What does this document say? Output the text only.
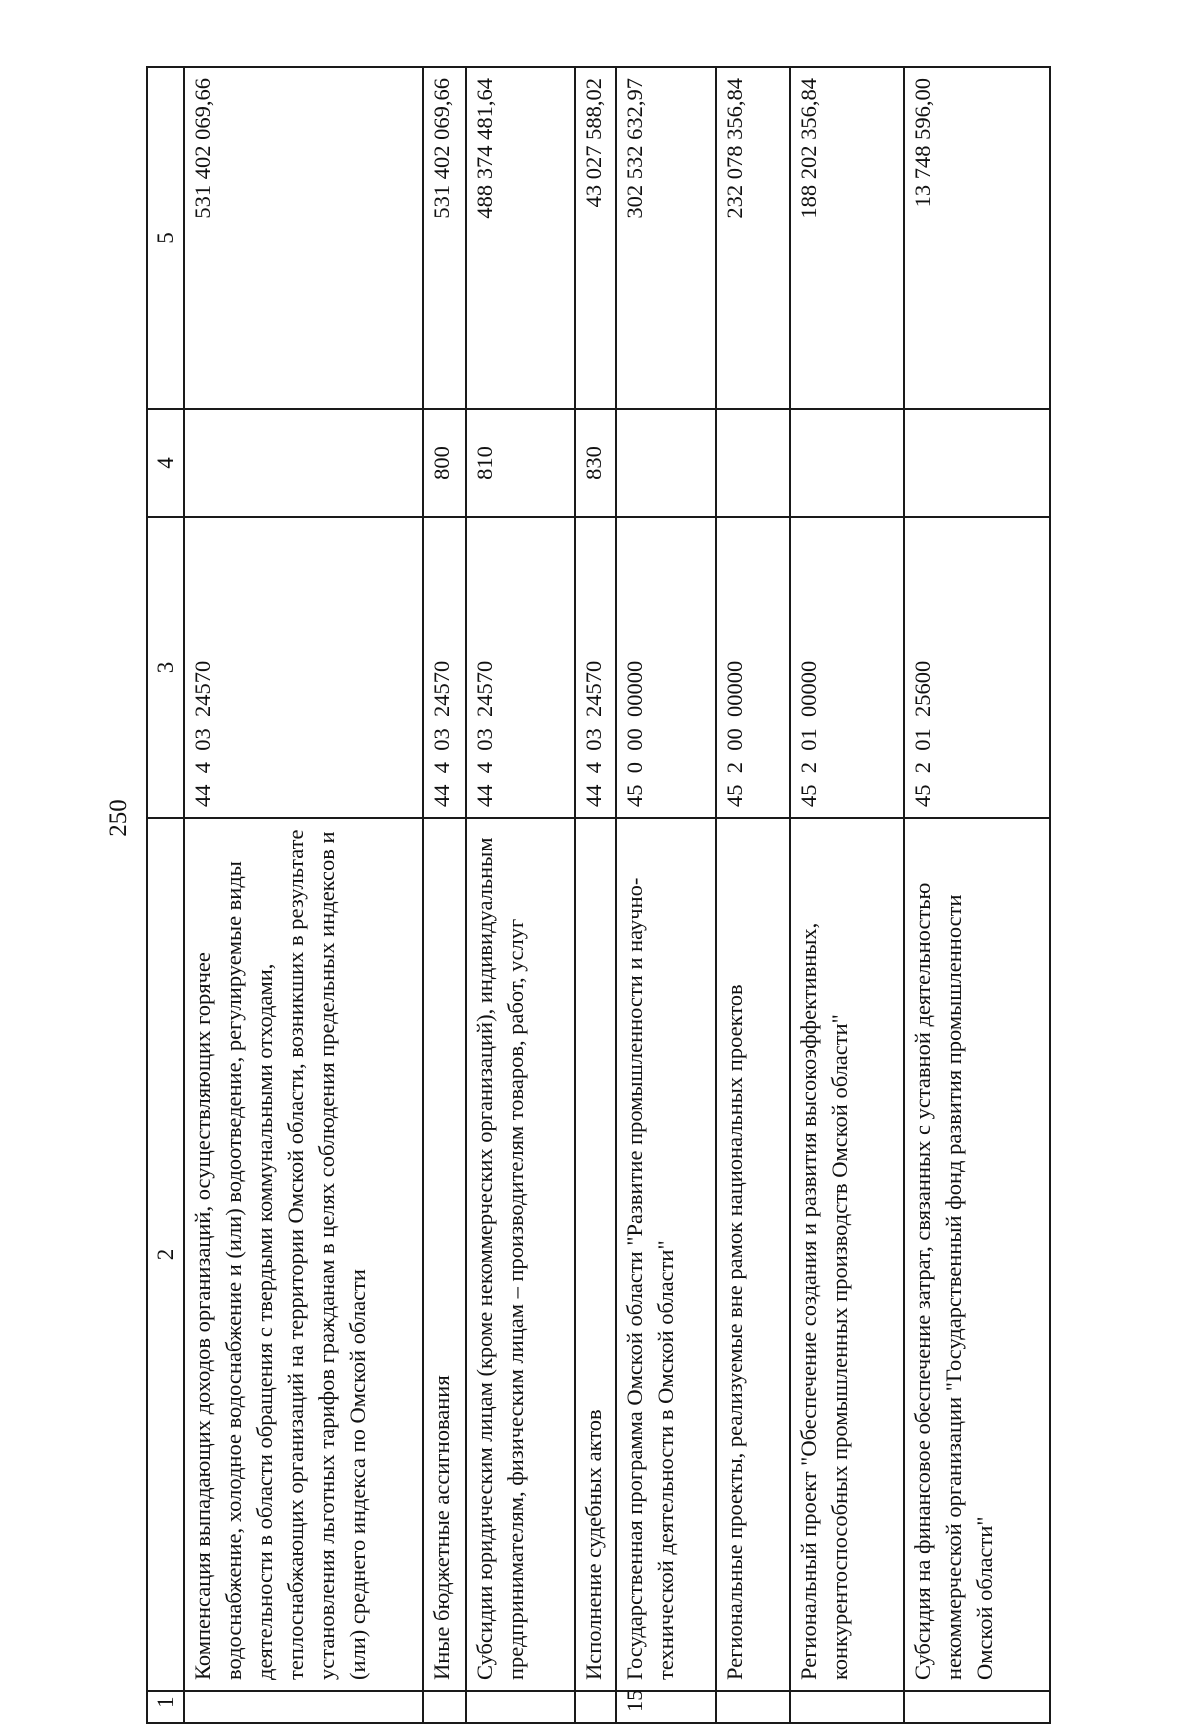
250
1	2	3	4	5
	Компенсация выпадающих доходов организаций, осуществляющих горячее водоснабжение, холодное водоснабжение и (или) водоотведение, регулируемые виды деятельности в области обращения с твердыми коммунальными отходами, теплоснабжающих организаций на территории Омской области, возникших в результате установления льготных тарифов гражданам в целях соблюдения предельных индексов и (или) среднего индекса по Омской области	44  4  03  24570		531 402 069,66
	Иные бюджетные ассигнования	44  4  03  24570	800	531 402 069,66
	Субсидии юридическим лицам (кроме некоммерческих организаций), индивидуальным предпринимателям, физическим лицам – производителям товаров, работ, услуг	44  4  03  24570	810	488 374 481,64
	Исполнение судебных актов	44  4  03  24570	830	43 027 588,02
15	Государственная программа Омской области "Развитие промышленности и научно-технической деятельности в Омской области"	45  0  00  00000		302 532 632,97
	Региональные проекты, реализуемые вне рамок национальных проектов	45  2  00  00000		232 078 356,84
	Региональный проект "Обеспечение создания и развития высокоэффективных, конкурентоспособных промышленных производств Омской области"	45  2  01  00000		188 202 356,84
	Субсидия на финансовое обеспечение затрат, связанных с уставной деятельностью некоммерческой организации "Государственный фонд развития промышленности Омской области"	45  2  01  25600		13 748 596,00
